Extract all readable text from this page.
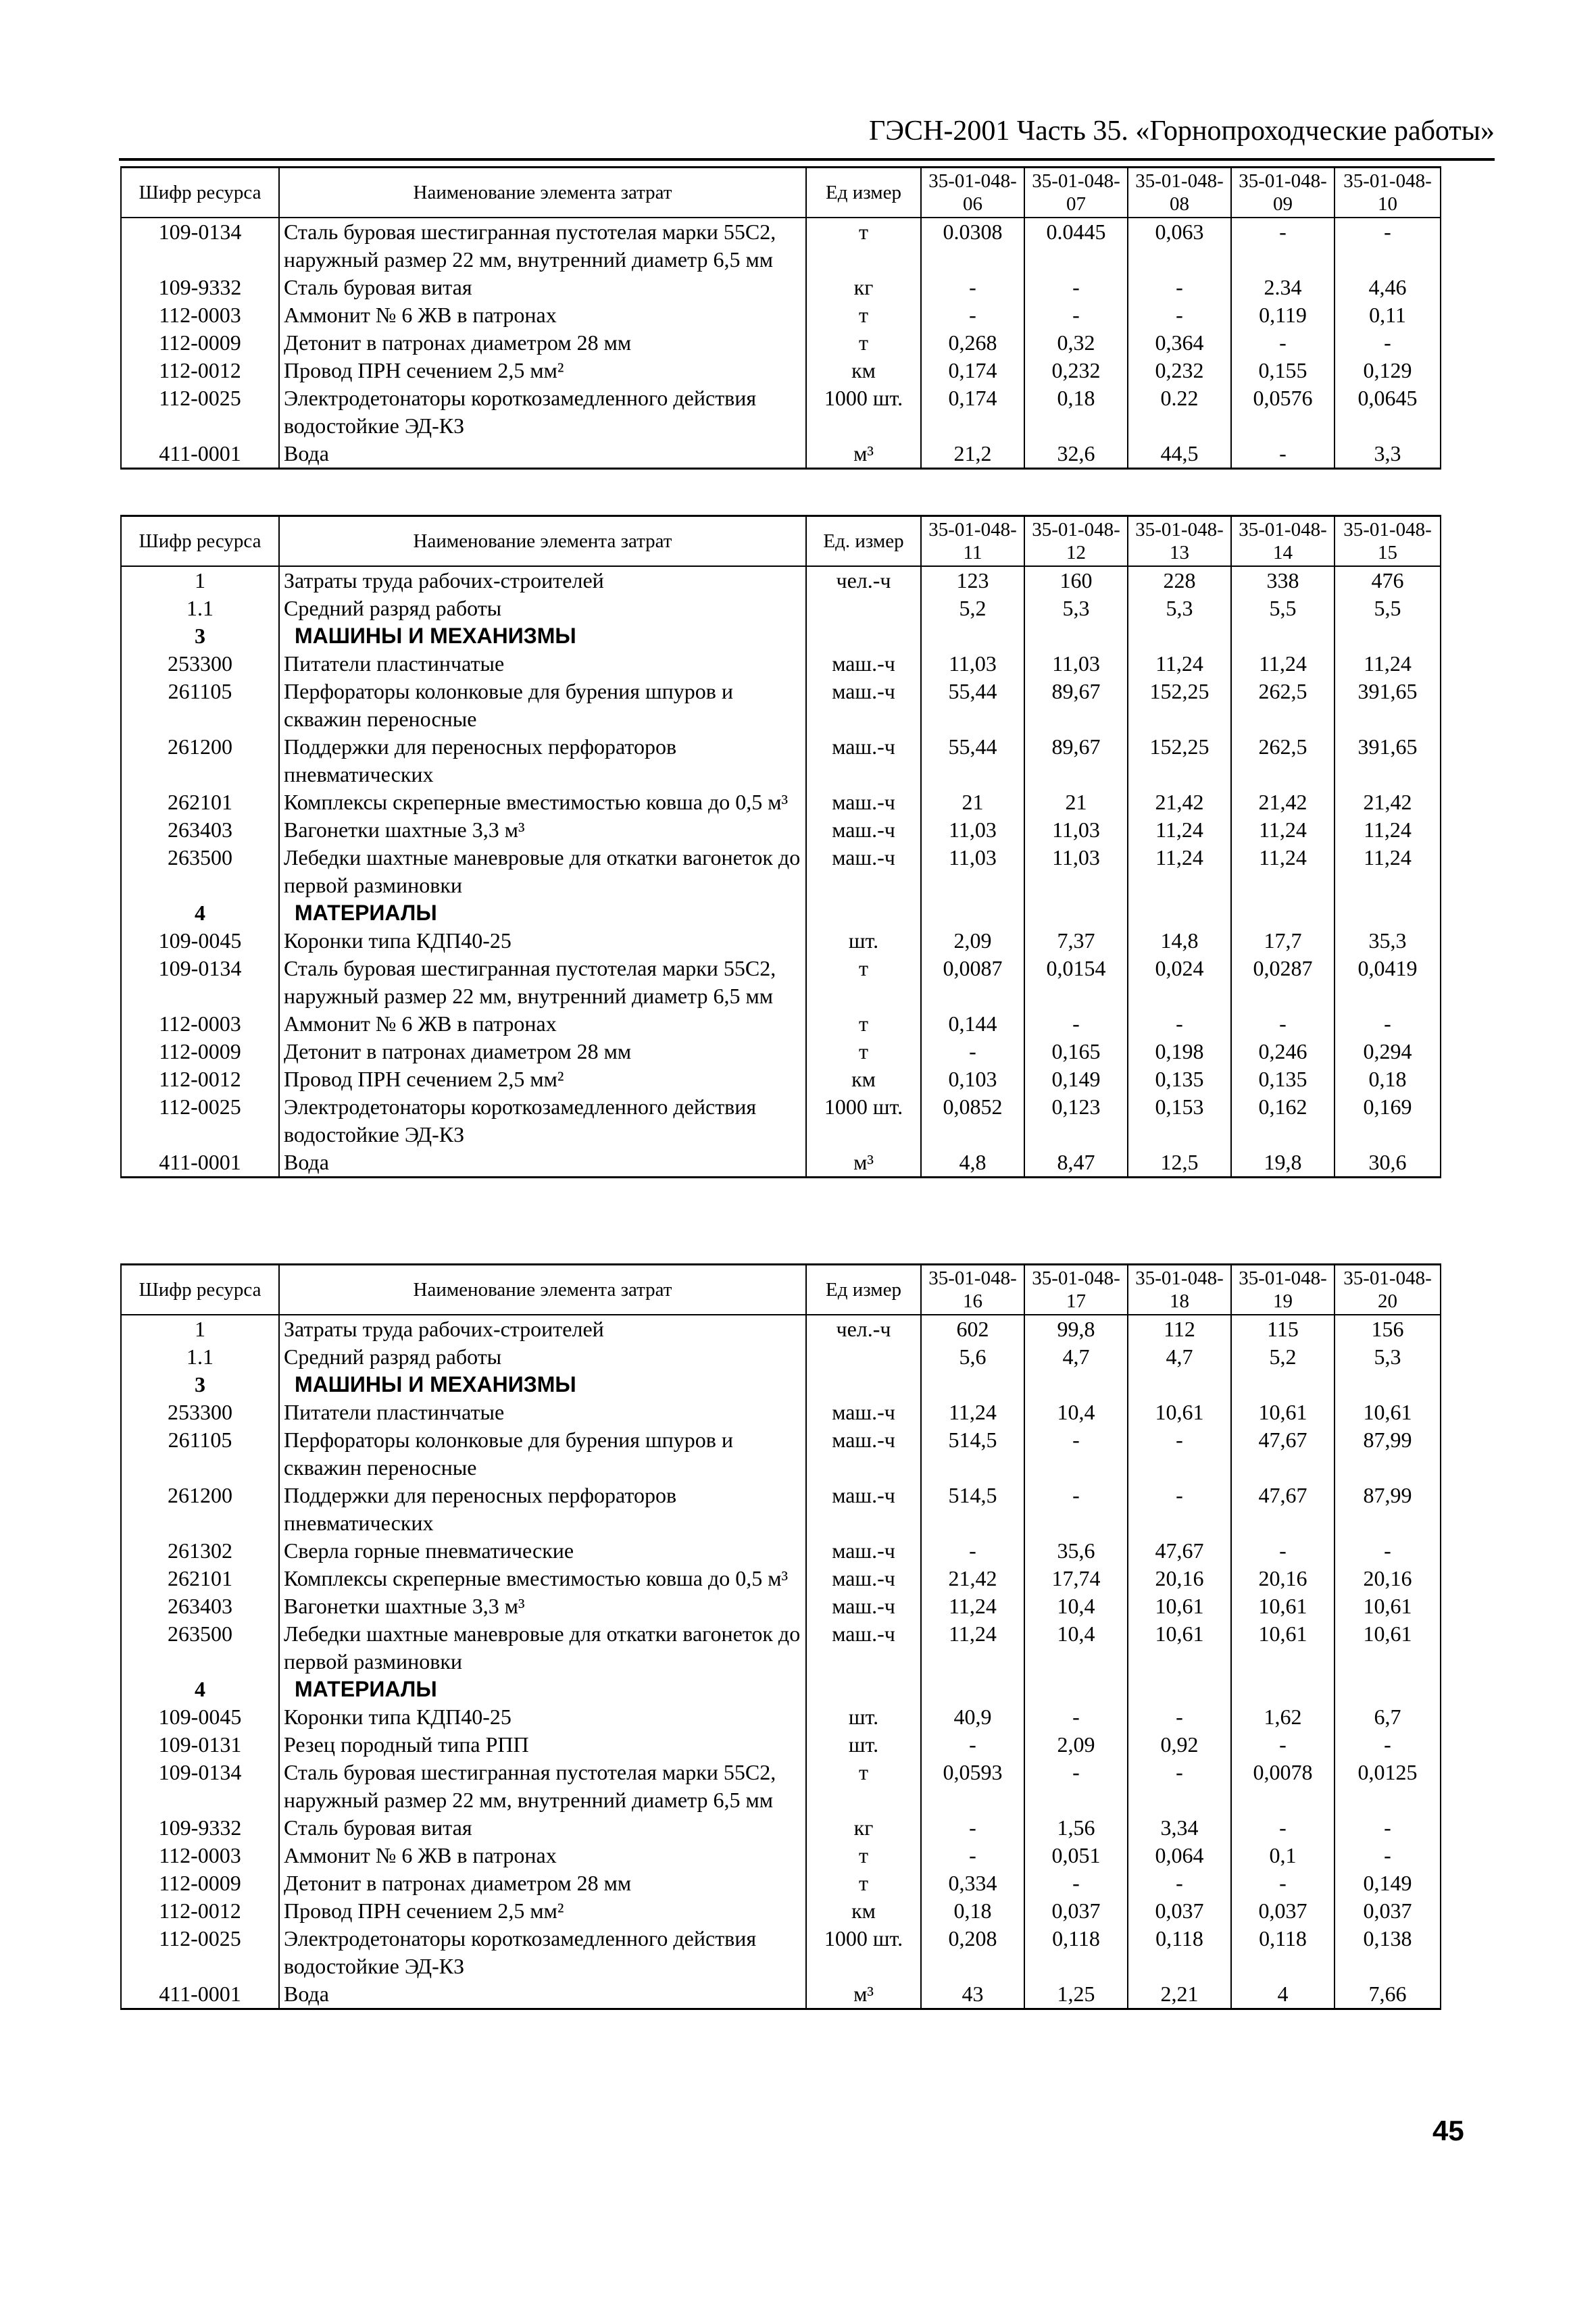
ГЭСН-2001 Часть 35. «Горнопроходческие работы»
Шифр ресурса	Наименование элемента затрат	Ед измер	35-01-048-06	35-01-048-07	35-01-048-08	35-01-048-09	35-01-048-10
109-0134	Сталь буровая шестигранная пустотелая марки 55С2, наружный размер 22 мм, внутренний диаметр 6,5 мм	т	0.0308	0.0445	0,063	-	-
109-9332	Сталь буровая витая	кг	-	-	-	2.34	4,46
112-0003	Аммонит № 6 ЖВ в патронах	т	-	-	-	0,119	0,11
112-0009	Детонит в патронах диаметром 28 мм	т	0,268	0,32	0,364	-	-
112-0012	Провод ПРН сечением 2,5 мм²	км	0,174	0,232	0,232	0,155	0,129
112-0025	Электродетонаторы короткозамедленного действия водостойкие ЭД-КЗ	1000 шт.	0,174	0,18	0.22	0,0576	0,0645
411-0001	Вода	м³	21,2	32,6	44,5	-	3,3
Шифр ресурса	Наименование элемента затрат	Ед. измер	35-01-048-11	35-01-048-12	35-01-048-13	35-01-048-14	35-01-048-15
1	Затраты труда рабочих-строителей	чел.-ч	123	160	228	338	476
1.1	Средний разряд работы		5,2	5,3	5,3	5,5	5,5
3	МАШИНЫ И МЕХАНИЗМЫ						
253300	Питатели пластинчатые	маш.-ч	11,03	11,03	11,24	11,24	11,24
261105	Перфораторы колонковые для бурения шпуров и скважин переносные	маш.-ч	55,44	89,67	152,25	262,5	391,65
261200	Поддержки для переносных перфораторов пневматических	маш.-ч	55,44	89,67	152,25	262,5	391,65
262101	Комплексы скреперные вместимостью ковша до 0,5 м³	маш.-ч	21	21	21,42	21,42	21,42
263403	Вагонетки шахтные 3,3 м³	маш.-ч	11,03	11,03	11,24	11,24	11,24
263500	Лебедки шахтные маневровые для откатки вагонеток до первой разминовки	маш.-ч	11,03	11,03	11,24	11,24	11,24
4	МАТЕРИАЛЫ						
109-0045	Коронки типа КДП40-25	шт.	2,09	7,37	14,8	17,7	35,3
109-0134	Сталь буровая шестигранная пустотелая марки 55С2, наружный размер 22 мм, внутренний диаметр 6,5 мм	т	0,0087	0,0154	0,024	0,0287	0,0419
112-0003	Аммонит № 6 ЖВ в патронах	т	0,144	-	-	-	-
112-0009	Детонит в патронах диаметром 28 мм	т	-	0,165	0,198	0,246	0,294
112-0012	Провод ПРН сечением 2,5 мм²	км	0,103	0,149	0,135	0,135	0,18
112-0025	Электродетонаторы короткозамедленного действия водостойкие ЭД-КЗ	1000 шт.	0,0852	0,123	0,153	0,162	0,169
411-0001	Вода	м³	4,8	8,47	12,5	19,8	30,6
Шифр ресурса	Наименование элемента затрат	Ед измер	35-01-048-16	35-01-048-17	35-01-048-18	35-01-048-19	35-01-048-20
1	Затраты труда рабочих-строителей	чел.-ч	602	99,8	112	115	156
1.1	Средний разряд работы		5,6	4,7	4,7	5,2	5,3
3	МАШИНЫ И МЕХАНИЗМЫ						
253300	Питатели пластинчатые	маш.-ч	11,24	10,4	10,61	10,61	10,61
261105	Перфораторы колонковые для бурения шпуров и скважин переносные	маш.-ч	514,5	-	-	47,67	87,99
261200	Поддержки для переносных перфораторов пневматических	маш.-ч	514,5	-	-	47,67	87,99
261302	Сверла горные пневматические	маш.-ч	-	35,6	47,67	-	-
262101	Комплексы скреперные вместимостью ковша до 0,5 м³	маш.-ч	21,42	17,74	20,16	20,16	20,16
263403	Вагонетки шахтные 3,3 м³	маш.-ч	11,24	10,4	10,61	10,61	10,61
263500	Лебедки шахтные маневровые для откатки вагонеток до первой разминовки	маш.-ч	11,24	10,4	10,61	10,61	10,61
4	МАТЕРИАЛЫ						
109-0045	Коронки типа КДП40-25	шт.	40,9	-	-	1,62	6,7
109-0131	Резец породный типа РПП	шт.	-	2,09	0,92	-	-
109-0134	Сталь буровая шестигранная пустотелая марки 55С2, наружный размер 22 мм, внутренний диаметр 6,5 мм	т	0,0593	-	-	0,0078	0,0125
109-9332	Сталь буровая витая	кг	-	1,56	3,34	-	-
112-0003	Аммонит № 6 ЖВ в патронах	т	-	0,051	0,064	0,1	-
112-0009	Детонит в патронах диаметром 28 мм	т	0,334	-	-	-	0,149
112-0012	Провод ПРН сечением 2,5 мм²	км	0,18	0,037	0,037	0,037	0,037
112-0025	Электродетонаторы короткозамедленного действия водостойкие ЭД-КЗ	1000 шт.	0,208	0,118	0,118	0,118	0,138
411-0001	Вода	м³	43	1,25	2,21	4	7,66
45
